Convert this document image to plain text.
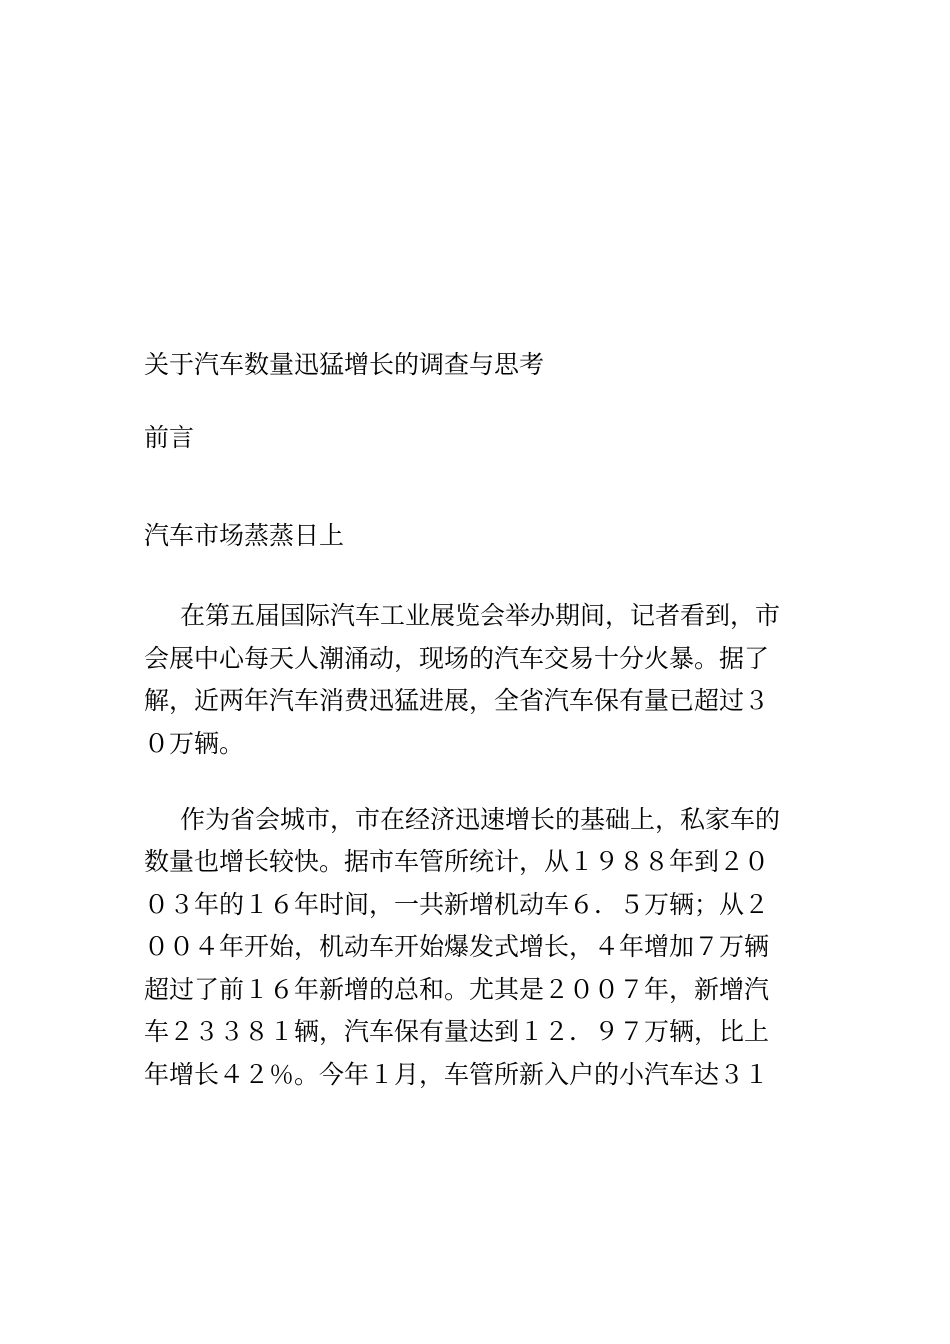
关于汽车数量迅猛增长的调查与思考

前言

汽车市场蒸蒸日上

在第五届国际汽车工业展览会举办期间，记者看到，市
会展中心每天人潮涌动，现场的汽车交易十分火暴。据了
解，近两年汽车消费迅猛进展，全省汽车保有量已超过３
０万辆。
作为省会城市，市在经济迅速增长的基础上，私家车的
数量也增长较快。据市车管所统计，从１９８８年到２０
０３年的１６年时间，一共新增机动车６．５万辆；从２
００４年开始，机动车开始爆发式增长，４年增加７万辆
超过了前１６年新增的总和。尤其是２００７年，新增汽
车２３３８１辆，汽车保有量达到１２．９７万辆，比上
年增长４２％。今年１月，车管所新入户的小汽车达３１
